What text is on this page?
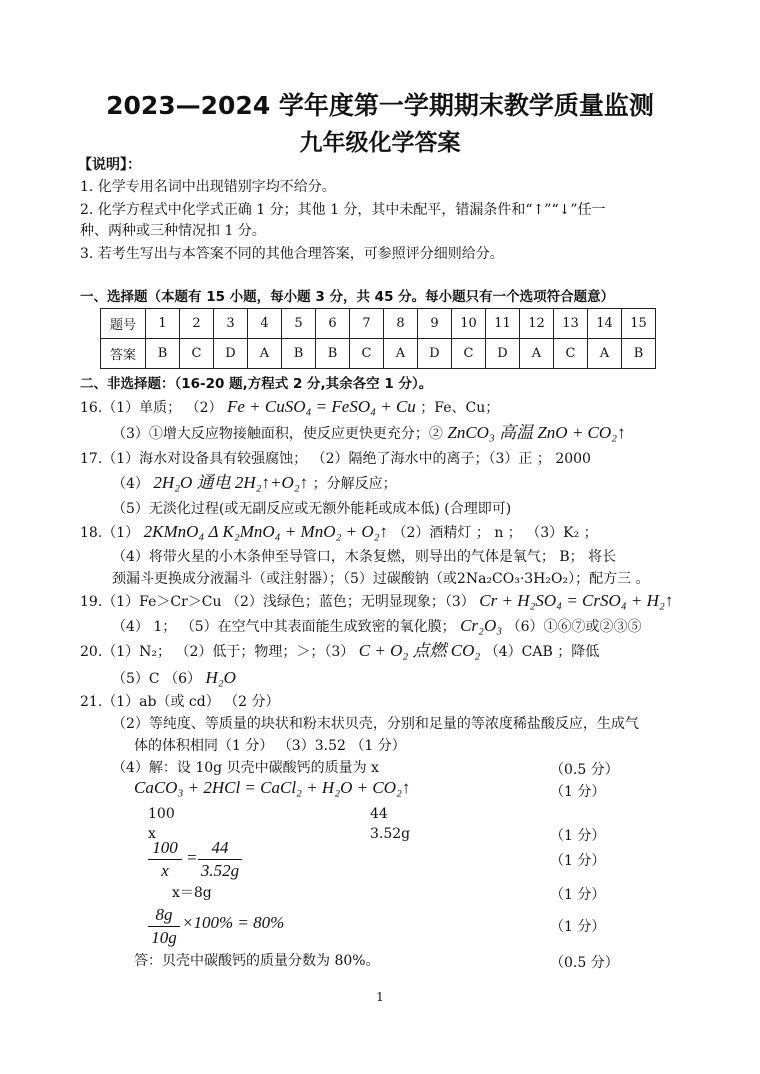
2023—2024 学年度第一学期期末教学质量监测
九年级化学答案
【说明】：
1. 化学专用名词中出现错别字均不给分。
2. 化学方程式中化学式正确 1 分；其他 1 分，其中未配平，错漏条件和“↑”“↓”任一
种、两种或三种情况扣 1 分。
3. 若考生写出与本答案不同的其他合理答案，可参照评分细则给分。
一、选择题（本题有 15 小题，每小题 3 分，共 45 分。每小题只有一个选项符合题意）
题号	1	2	3	4	5	6	7	8	9	10	11	12	13	14	15
答案	B	C	D	A	B	B	C	A	D	C	D	A	C	A	B
二、非选择题：（16-20 题,方程式 2 分,其余各空 1 分）。
16.（1）单质； （2） Fe + CuSO₄ = FeSO₄ + Cu ；Fe、Cu；
（3）①增大反应物接触面积，使反应更快更充分；② ZnCO₃ 高温 ZnO + CO₂↑
17.（1）海水对设备具有较强腐蚀； （2）隔绝了海水中的离子；（3）正 ； 2000
（4） 2H₂O 通电 2H₂↑+O₂↑ ；分解反应；
（5）无淡化过程(或无副反应或无额外能耗或成本低) (合理即可)
18.（1） 2KMnO₄ Δ K₂MnO₄ + MnO₂ + O₂↑ （2）酒精灯 ； n ； （3）K₂ ；
（4）将带火星的小木条伸至导管口，木条复燃，则导出的气体是氧气； B； 将长
颈漏斗更换成分液漏斗（或注射器）；（5）过碳酸钠（或2Na₂CO₃·3H₂O₂）；配方三 。
19.（1）Fe＞Cr＞Cu （2）浅绿色；蓝色；无明显现象；（3） Cr + H₂SO₄ = CrSO₄ + H₂↑
（4） 1； （5）在空气中其表面能生成致密的氧化膜； Cr₂O₃ （6）①⑥⑦或②③⑤
20.（1）N₂； （2）低于；物理；＞；（3） C + O₂ 点燃 CO₂ （4）CAB ；降低
（5）C （6） H₂O
21.（1）ab（或 cd） （2 分）
（2）等纯度、等质量的块状和粉末状贝壳，分别和足量的等浓度稀盐酸反应，生成气
体的体积相同（1 分） （3）3.52 （1 分）
（4）解：设 10g 贝壳中碳酸钙的质量为 x	（0.5 分）
CaCO₃ + 2HCl = CaCl₂ + H₂O + CO₂↑	（1 分）
100	44
x	3.52g	（1 分）
100
x
=
44
3.52g	（1 分）
x＝8g	（1 分）
8g
10g
×100% = 80%	（1 分）
答：贝壳中碳酸钙的质量分数为 80%。	（0.5 分）
1
